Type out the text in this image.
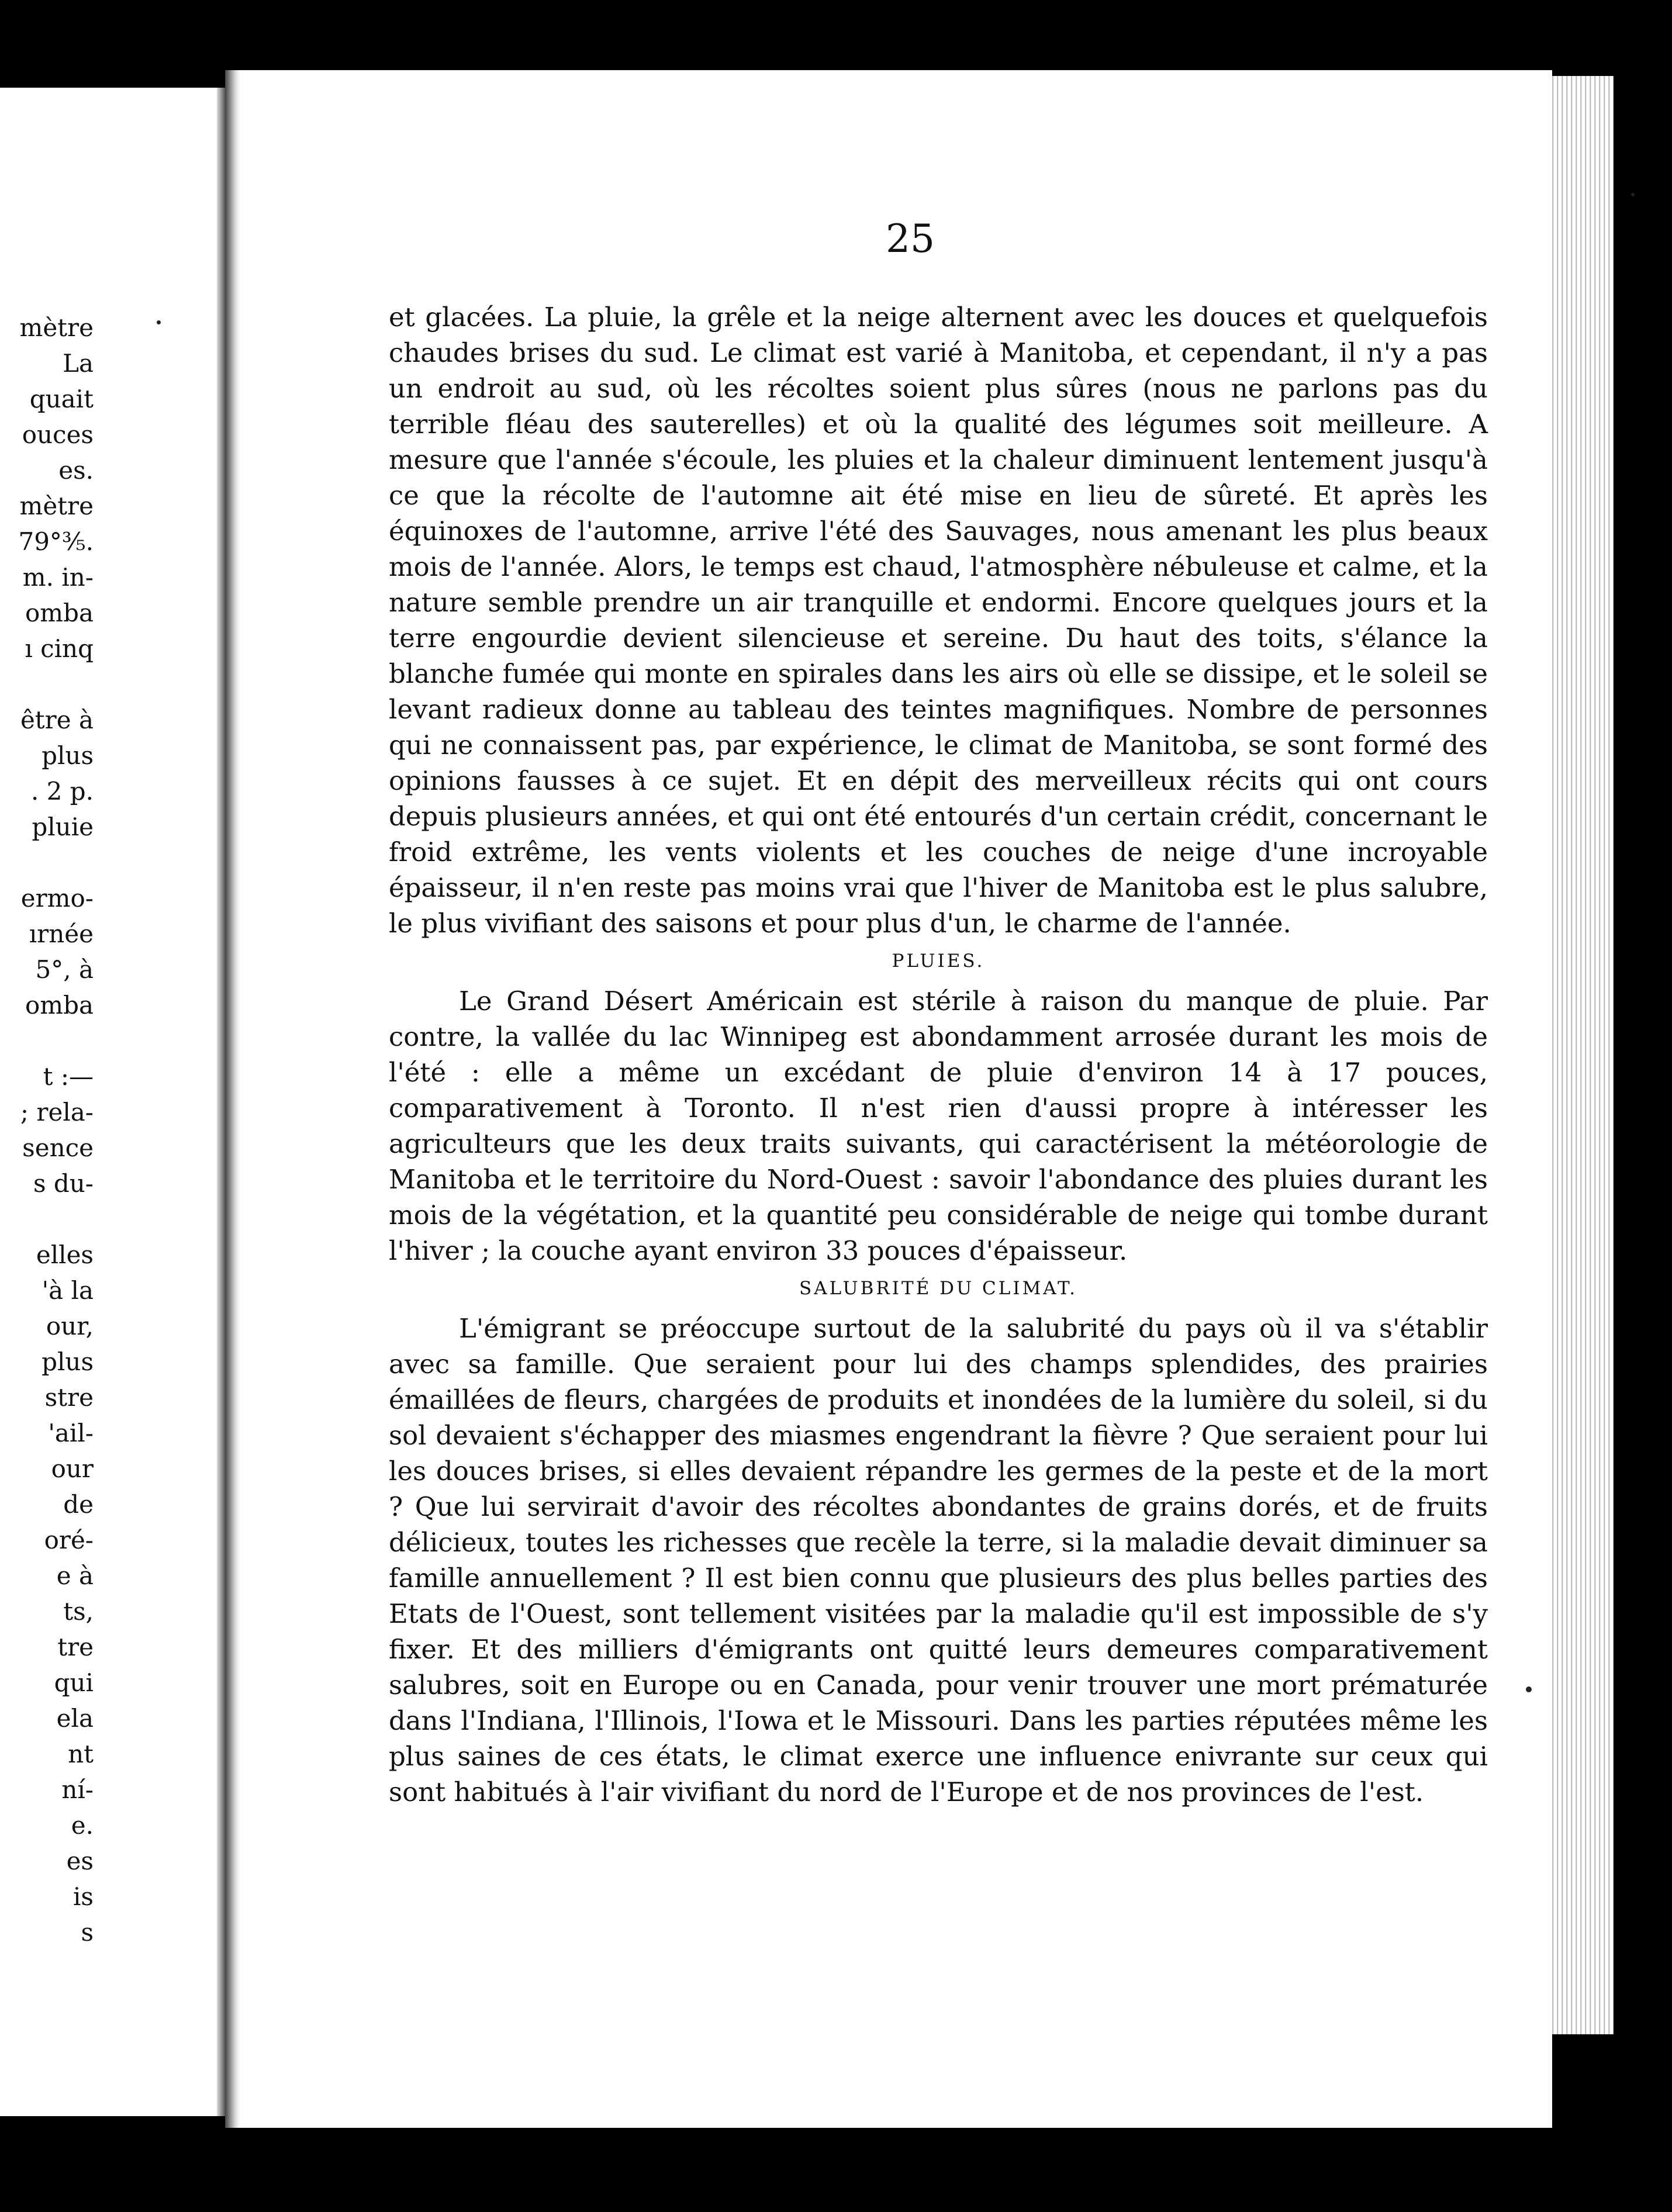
mètre
La
quait
ouces
es.
mètre
79°⅗.
m. in-
omba
ı cinq
être à
plus
. 2 p.
pluie
ermo-
ırnée
5°, à
omba
t :—
; rela-
sence
s du-
elles
'à la
our,
plus
stre
'ail-
our
de
oré-
e à
ts,
tre
qui
ela
nt
ní-
e.
es
is
s
25

et glacées. La pluie, la grêle et la neige alternent avec les douces et quelquefois chaudes brises du sud. Le climat est varié à Manitoba, et cependant, il n'y a pas un endroit au sud, où les récoltes soient plus sûres (nous ne parlons pas du terrible fléau des sauterelles) et où la qualité des légumes soit meilleure. A mesure que l'année s'écoule, les pluies et la chaleur diminuent lentement jusqu'à ce que la récolte de l'automne ait été mise en lieu de sûreté. Et après les équinoxes de l'automne, arrive l'été des Sauvages, nous amenant les plus beaux mois de l'année. Alors, le temps est chaud, l'atmosphère nébuleuse et calme, et la nature semble prendre un air tranquille et endormi. Encore quelques jours et la terre engourdie devient silencieuse et sereine. Du haut des toits, s'élance la blanche fumée qui monte en spirales dans les airs où elle se dissipe, et le soleil se levant radieux donne au tableau des teintes magnifiques. Nombre de personnes qui ne connaissent pas, par expérience, le climat de Manitoba, se sont formé des opinions fausses à ce sujet. Et en dépit des merveilleux récits qui ont cours depuis plusieurs années, et qui ont été entourés d'un certain crédit, concernant le froid extrême, les vents violents et les couches de neige d'une incroyable épaisseur, il n'en reste pas moins vrai que l'hiver de Manitoba est le plus salubre, le plus vivifiant des saisons et pour plus d'un, le charme de l'année.

PLUIES.

Le Grand Désert Américain est stérile à raison du manque de pluie. Par contre, la vallée du lac Winnipeg est abondamment arrosée durant les mois de l'été : elle a même un excédant de pluie d'environ 14 à 17 pouces, comparativement à Toronto. Il n'est rien d'aussi propre à intéresser les agriculteurs que les deux traits suivants, qui caractérisent la météorologie de Manitoba et le territoire du Nord-Ouest : savoir l'abondance des pluies durant les mois de la végétation, et la quantité peu considérable de neige qui tombe durant l'hiver ; la couche ayant environ 33 pouces d'épaisseur.

SALUBRITÉ DU CLIMAT.

L'émigrant se préoccupe surtout de la salubrité du pays où il va s'établir avec sa famille. Que seraient pour lui des champs splendides, des prairies émaillées de fleurs, chargées de produits et inondées de la lumière du soleil, si du sol devaient s'échapper des miasmes engendrant la fièvre ? Que seraient pour lui les douces brises, si elles devaient répandre les germes de la peste et de la mort ? Que lui servirait d'avoir des récoltes abondantes de grains dorés, et de fruits délicieux, toutes les richesses que recèle la terre, si la maladie devait diminuer sa famille annuellement ? Il est bien connu que plusieurs des plus belles parties des Etats de l'Ouest, sont tellement visitées par la maladie qu'il est impossible de s'y fixer. Et des milliers d'émigrants ont quitté leurs demeures comparativement salubres, soit en Europe ou en Canada, pour venir trouver une mort prématurée dans l'Indiana, l'Illinois, l'Iowa et le Missouri. Dans les parties réputées même les plus saines de ces états, le climat exerce une influence enivrante sur ceux qui sont habitués à l'air vivifiant du nord de l'Europe et de nos provinces de l'est.
